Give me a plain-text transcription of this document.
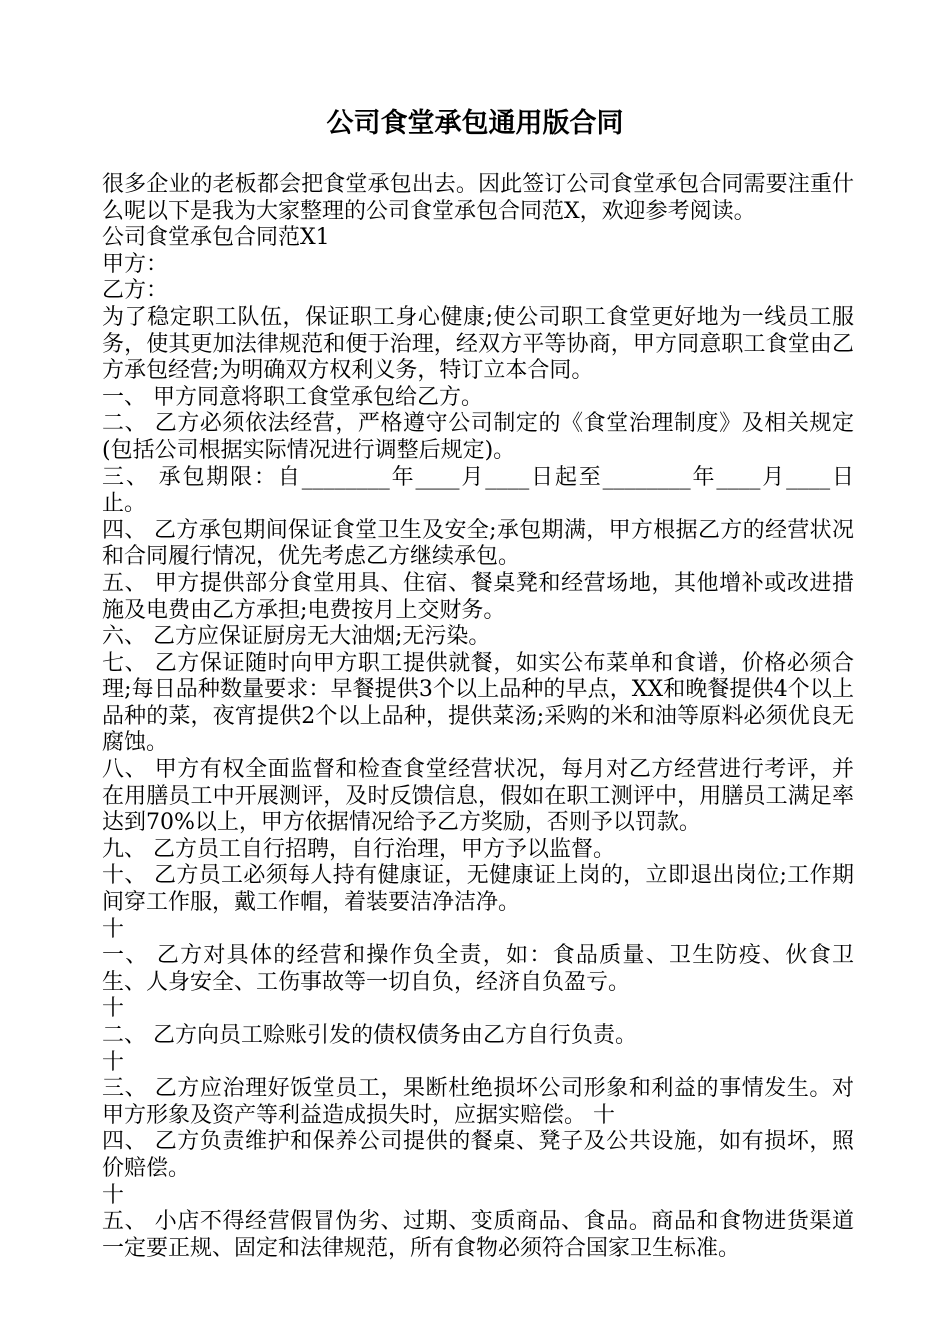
公司食堂承包通用版合同

很多企业的老板都会把食堂承包出去。因此签订公司食堂承包合同需要注重什么呢以下是我为大家整理的公司食堂承包合同范X，欢迎参考阅读。

公司食堂承包合同范X1

甲方：

乙方：

为了稳定职工队伍，保证职工身心健康;使公司职工食堂更好地为一线员工服务，使其更加法律规范和便于治理，经双方平等协商，甲方同意职工食堂由乙方承包经营;为明确双方权利义务，特订立本合同。

一、 甲方同意将职工食堂承包给乙方。

二、 乙方必须依法经营，严格遵守公司制定的《食堂治理制度》及相关规定(包括公司根据实际情况进行调整后规定)。

三、 承包期限：自________年____月____日起至________年____月____日止。

四、 乙方承包期间保证食堂卫生及安全;承包期满，甲方根据乙方的经营状况和合同履行情况，优先考虑乙方继续承包。

五、 甲方提供部分食堂用具、住宿、餐桌凳和经营场地，其他增补或改进措施及电费由乙方承担;电费按月上交财务。

六、 乙方应保证厨房无大油烟;无污染。

七、 乙方保证随时向甲方职工提供就餐，如实公布菜单和食谱，价格必须合理;每日品种数量要求：早餐提供3个以上品种的早点，XX和晚餐提供4个以上品种的菜，夜宵提供2个以上品种，提供菜汤;采购的米和油等原料必须优良无腐蚀。

八、 甲方有权全面监督和检查食堂经营状况，每月对乙方经营进行考评，并在用膳员工中开展测评，及时反馈信息，假如在职工测评中，用膳员工满足率达到70%以上，甲方依据情况给予乙方奖励，否则予以罚款。

九、 乙方员工自行招聘，自行治理，甲方予以监督。

十、 乙方员工必须每人持有健康证，无健康证上岗的，立即退出岗位;工作期间穿工作服，戴工作帽，着装要洁净洁净。

十

一、 乙方对具体的经营和操作负全责，如：食品质量、卫生防疫、伙食卫生、人身安全、工伤事故等一切自负，经济自负盈亏。

十

二、 乙方向员工赊账引发的债权债务由乙方自行负责。

十

三、 乙方应治理好饭堂员工，果断杜绝损坏公司形象和利益的事情发生。对甲方形象及资产等利益造成损失时，应据实赔偿。 十

四、 乙方负责维护和保养公司提供的餐桌、凳子及公共设施，如有损坏，照价赔偿。

十

五、 小店不得经营假冒伪劣、过期、变质商品、食品。商品和食物进货渠道一定要正规、固定和法律规范，所有食物必须符合国家卫生标准。
